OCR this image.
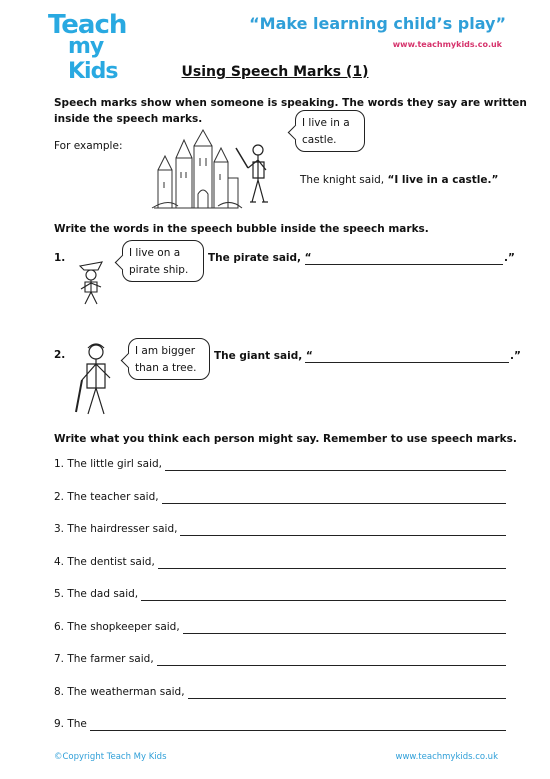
Teach
my Kids
“Make learning child’s play”
www.teachmykids.co.uk
Using Speech Marks (1)
Speech marks show when someone is speaking. The words they say are written
inside the speech marks.
For example:
I live in a
castle.
The knight said, “I live in a castle.”
Write the words in the speech bubble inside the speech marks.
1.	I live on a
pirate ship.
The pirate said, “	.”
2.	I am bigger
than a tree.
The giant said, “	.”
Write what you think each person might say. Remember to use speech marks.
1. The little girl said,
2. The teacher said,
3. The hairdresser said,
4. The dentist said,
5. The dad said,
6. The shopkeeper said,
7. The farmer said,
8. The weatherman said,
9. The
©Copyright Teach My Kids	www.teachmykids.co.uk
